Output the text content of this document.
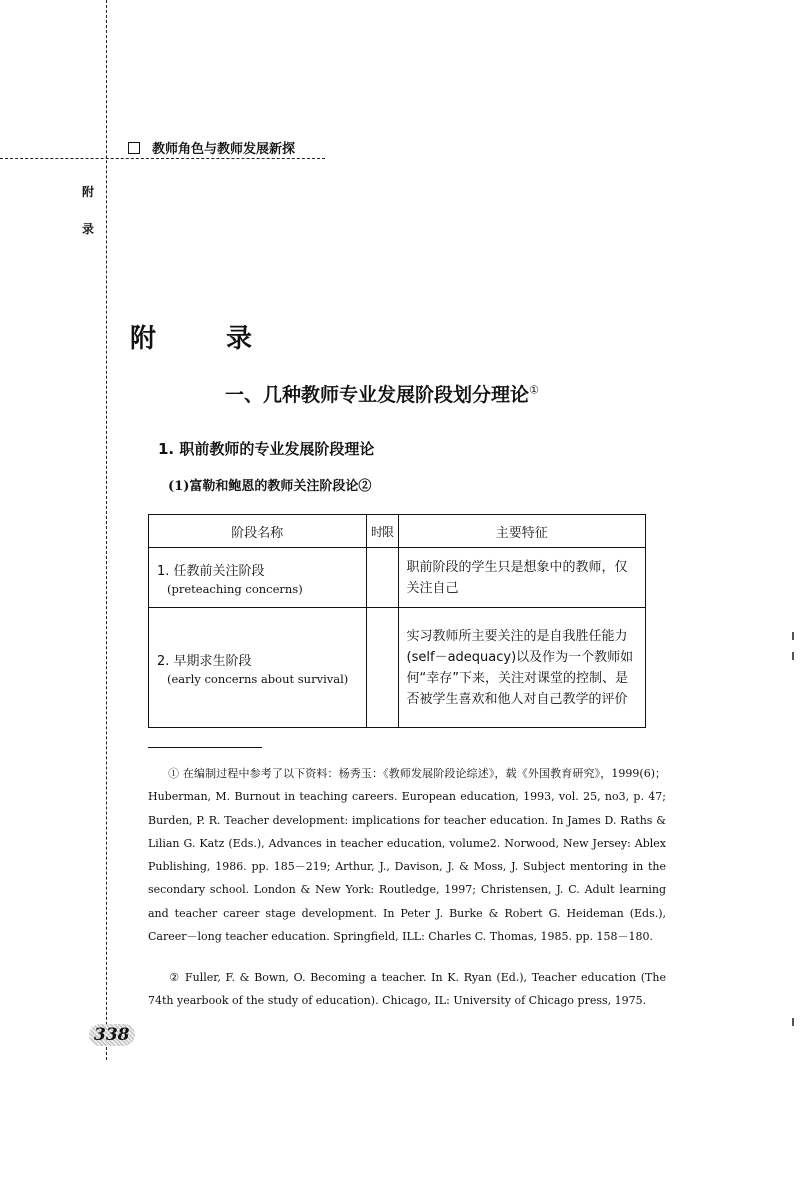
教师角色与教师发展新探
附
录
附录
一、几种教师专业发展阶段划分理论①
1. 职前教师的专业发展阶段理论
(1)富勒和鲍恩的教师关注阶段论②
阶段名称	时限	主要特征

1. 任教前关注阶段
(preteaching concerns)		职前阶段的学生只是想象中的教师，仅关注自己

2. 早期求生阶段
(early concerns about survival)		实习教师所主要关注的是自我胜任能力(self－adequacy)以及作为一个教师如何“幸存”下来，关注对课堂的控制、是否被学生喜欢和他人对自己教学的评价
① 在编制过程中参考了以下资料：杨秀玉：《教师发展阶段论综述》，载《外国教育研究》，1999(6)；Huberman, M. Burnout in teaching careers. European education, 1993, vol. 25, no3, p. 47; Burden, P. R. Teacher development: implications for teacher education. In James D. Raths & Lilian G. Katz (Eds.), Advances in teacher education, volume2. Norwood, New Jersey: Ablex Publishing, 1986. pp. 185－219; Arthur, J., Davison, J. & Moss, J. Subject mentoring in the secondary school. London & New York: Routledge, 1997; Christensen, J. C. Adult learning and teacher career stage development. In Peter J. Burke & Robert G. Heideman (Eds.), Career－long teacher education. Springfield, ILL: Charles C. Thomas, 1985. pp. 158－180.
② Fuller, F. & Bown, O. Becoming a teacher. In K. Ryan (Ed.), Teacher education (The 74th yearbook of the study of education). Chicago, IL: University of Chicago press, 1975.
338
